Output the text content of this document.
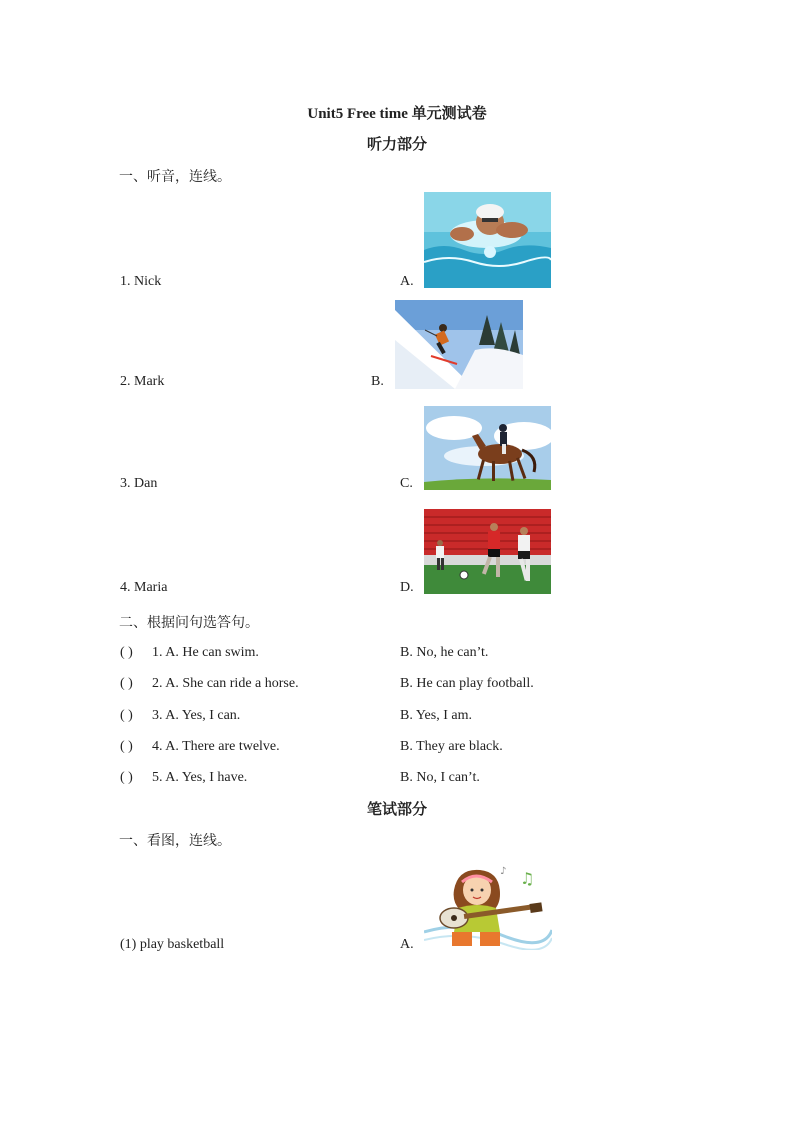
Unit5 Free time 单元测试卷
听力部分
一、听音，连线。
1. Nick	A.
2. Mark	B.
3. Dan	C.
4. Maria	D.
二、根据问句选答句。
( ) 1. A. He can swim.	B. No, he can’t.
( ) 2. A. She can ride a horse.	B. He can play football.
( ) 3. A. Yes, I can.	B. Yes, I am.
( ) 4. A. There are twelve.	B. They are black.
( ) 5. A. Yes, I have.	B. No, I can’t.
笔试部分
一、看图，连线。
(1) play basketball	A.
♫
♪
